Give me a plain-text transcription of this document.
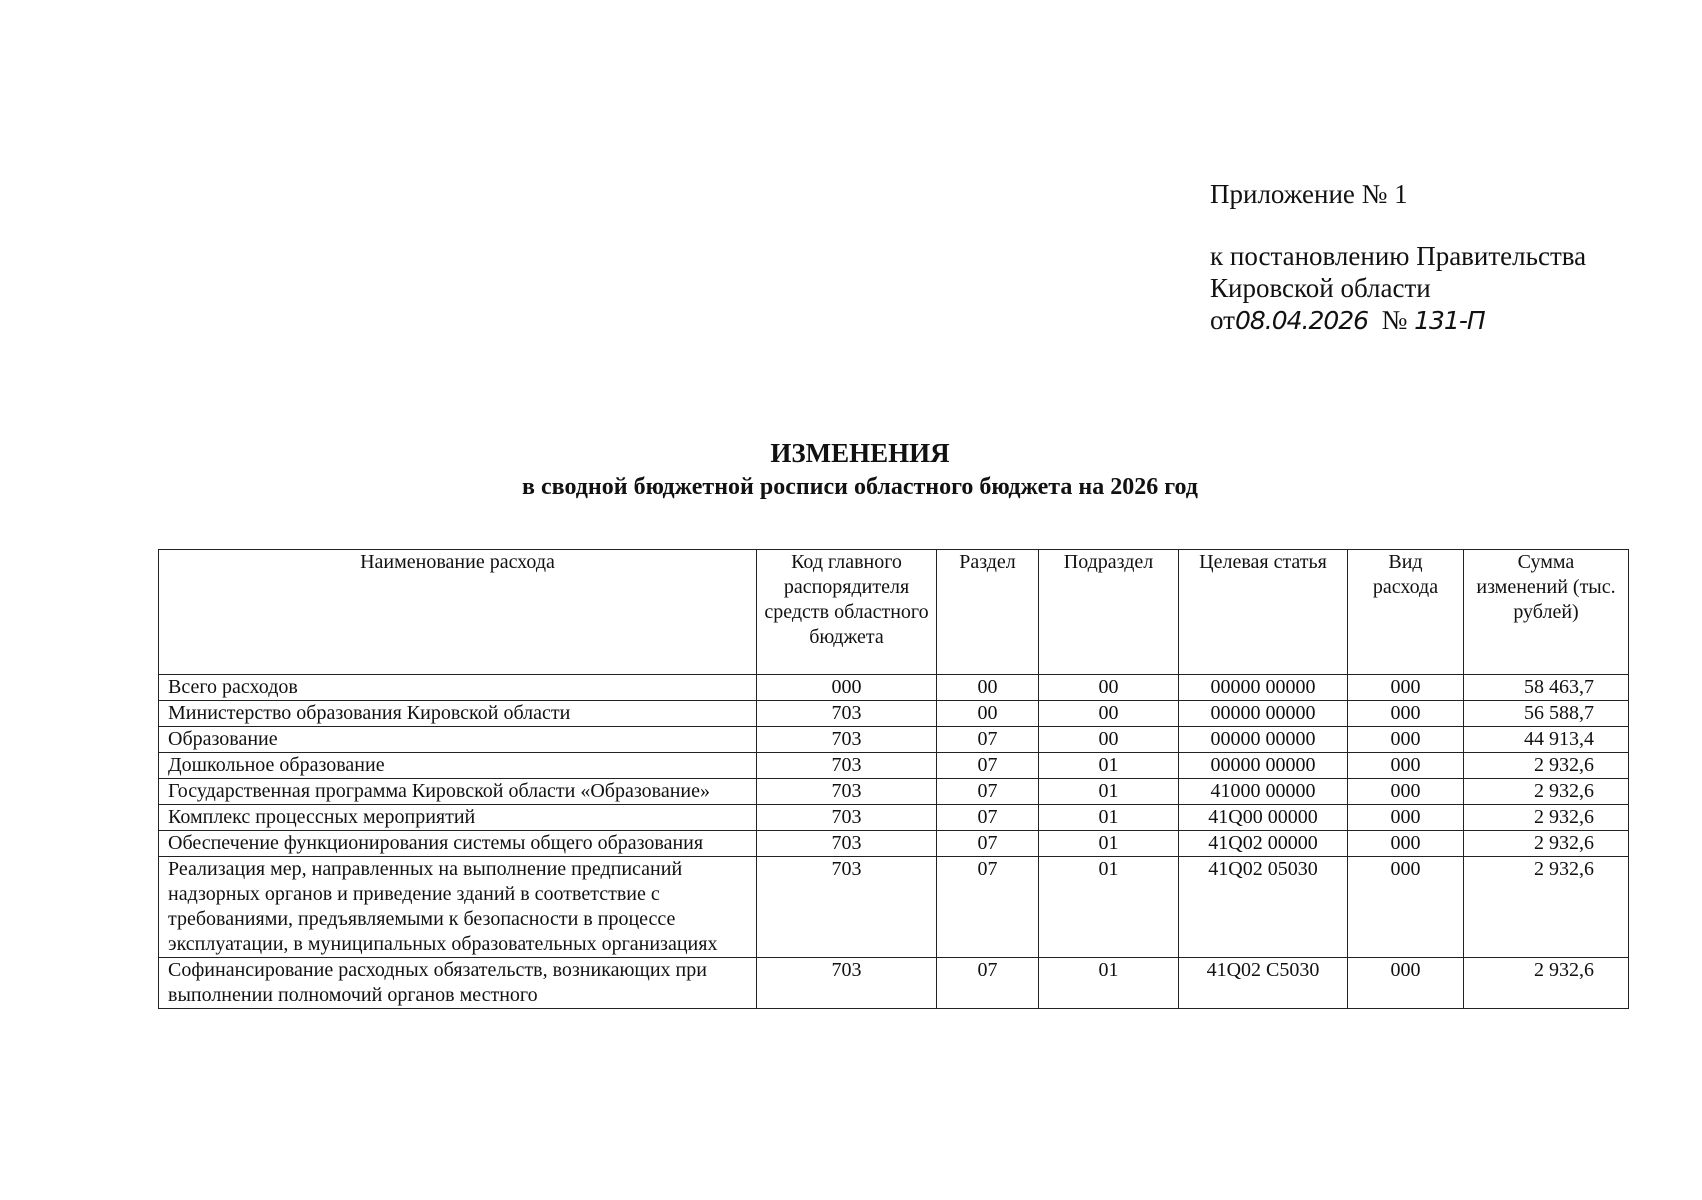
Приложение № 1
к постановлению Правительства
Кировской области
от08.04.2026 № 131-П
ИЗМЕНЕНИЯ
в сводной бюджетной росписи областного бюджета на 2026 год
Наименование расхода	Код главного распорядителя средств областного бюджета	Раздел	Подраздел	Целевая статья	Вид расхода	Сумма изменений (тыс. рублей)
Всего расходов	000	00	00	00000 00000	000	58 463,7
Министерство образования Кировской области	703	00	00	00000 00000	000	56 588,7
Образование	703	07	00	00000 00000	000	44 913,4
Дошкольное образование	703	07	01	00000 00000	000	2 932,6
Государственная программа Кировской области «Образование»	703	07	01	41000 00000	000	2 932,6
Комплекс процессных мероприятий	703	07	01	41Q00 00000	000	2 932,6
Обеспечение функционирования системы общего образования	703	07	01	41Q02 00000	000	2 932,6
Реализация мер, направленных на выполнение предписаний надзорных органов и приведение зданий в соответствие с требованиями, предъявляемыми к безопасности в процессе эксплуатации, в муниципальных образовательных организациях	703	07	01	41Q02 05030	000	2 932,6
Софинансирование расходных обязательств, возникающих при выполнении полномочий органов местного	703	07	01	41Q02 C5030	000	2 932,6
